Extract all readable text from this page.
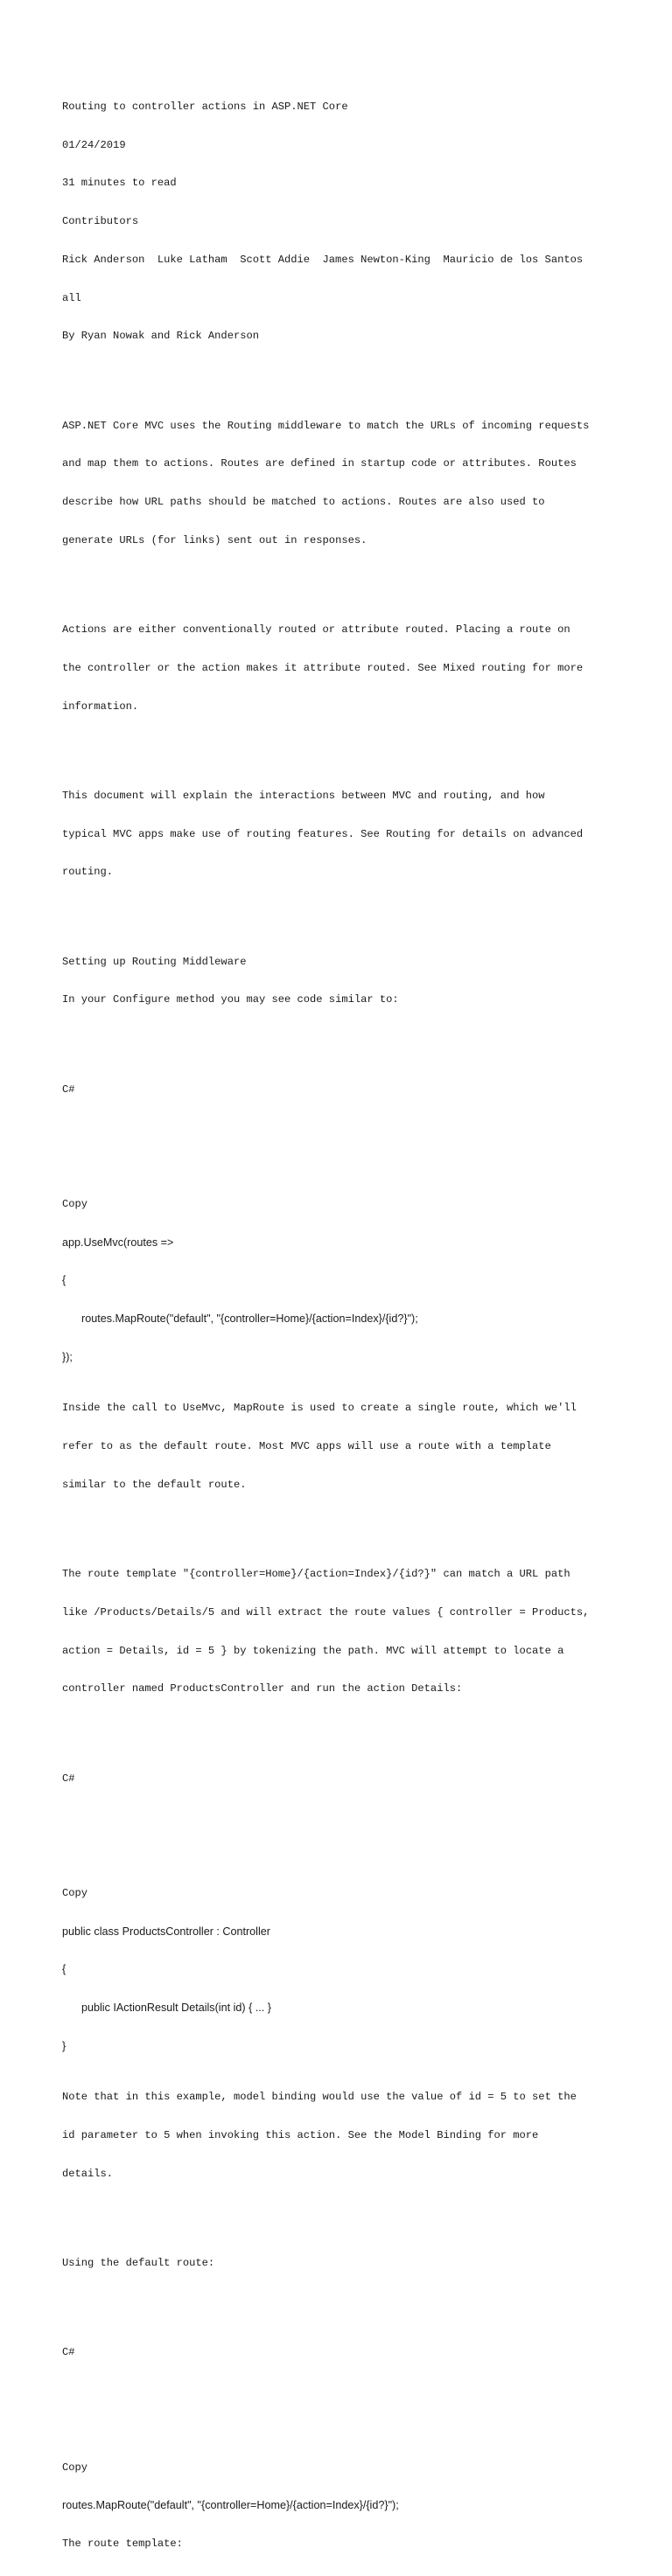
Routing to controller actions in ASP.NET Core

01/24/2019

31 minutes to read

Contributors

Rick Anderson Luke Latham Scott Addie James Newton-King Mauricio de los Santos

all

By Ryan Nowak and Rick Anderson

ASP.NET Core MVC uses the Routing middleware to match the URLs of incoming requests

and map them to actions. Routes are defined in startup code or attributes. Routes

describe how URL paths should be matched to actions. Routes are also used to

generate URLs (for links) sent out in responses.

Actions are either conventionally routed or attribute routed. Placing a route on

the controller or the action makes it attribute routed. See Mixed routing for more

information.

This document will explain the interactions between MVC and routing, and how

typical MVC apps make use of routing features. See Routing for details on advanced

routing.

Setting up Routing Middleware

In your Configure method you may see code similar to:

C#

Copy

app.UseMvc(routes =>

{

routes.MapRoute("default", "{controller=Home}/{action=Index}/{id?}");

});

Inside the call to UseMvc, MapRoute is used to create a single route, which we'll

refer to as the default route. Most MVC apps will use a route with a template

similar to the default route.

The route template "{controller=Home}/{action=Index}/{id?}" can match a URL path

like /Products/Details/5 and will extract the route values { controller = Products,

action = Details, id = 5 } by tokenizing the path. MVC will attempt to locate a

controller named ProductsController and run the action Details:

C#

Copy

public class ProductsController : Controller

{

public IActionResult Details(int id) { ... }

}

Note that in this example, model binding would use the value of id = 5 to set the

id parameter to 5 when invoking this action. See the Model Binding for more

details.

Using the default route:

C#

Copy

routes.MapRoute("default", "{controller=Home}/{action=Index}/{id?}");

The route template:
